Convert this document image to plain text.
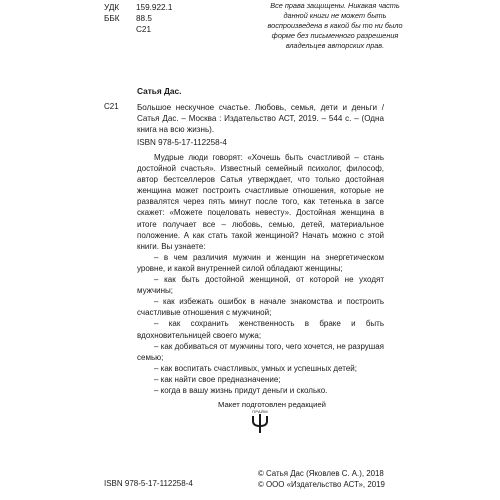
УДК	159.922.1
ББК	88.5
С21
Все права защищены. Никакая часть данной книги не может быть воспроизведена в какой бы то ни было форме без письменного разрешения владельцев авторских прав.
Сатья Дас.
С21 Большое нескучное счастье. Любовь, семья, дети и деньги / Сатья Дас. – Москва : Издательство АСТ, 2019. – 544 с. – (Одна книга на всю жизнь).
ISBN 978-5-17-112258-4

Мудрые люди говорят: «Хочешь быть счастливой – стань достойной счастья». Известный семейный психолог, философ, автор бестселлеров Сатья утверждает, что только достойная женщина может построить счастливые отношения, которые не развалятся через пять минут после того, как тетенька в загсе скажет: «Можете поцеловать невесту». Достойная женщина в итоге получает все – любовь, семью, детей, материальное положение. А как стать такой женщиной? Начать можно с этой книги. Вы узнаете:

– в чем различия мужчин и женщин на энергетическом уровне, и какой внутренней силой обладают женщины;

– как быть достойной женщиной, от которой не уходят мужчины;

– как избежать ошибок в начале знакомства и построить счастливые отношения с мужчиной;

– как сохранить женственность в браке и быть вдохновительницей своего мужа;

– как добиваться от мужчины того, чего хочется, не разрушая семью;

– как воспитать счастливых, умных и успешных детей;

– как найти свое предназначение;

– когда в вашу жизнь придут деньги и сколько.

Макет подготовлен редакцией
ПРАЙМ
ISBN 978-5-17-112258-4
© Сатья Дас (Яковлев С. А.), 2018
© ООО «Издательство АСТ», 2019
